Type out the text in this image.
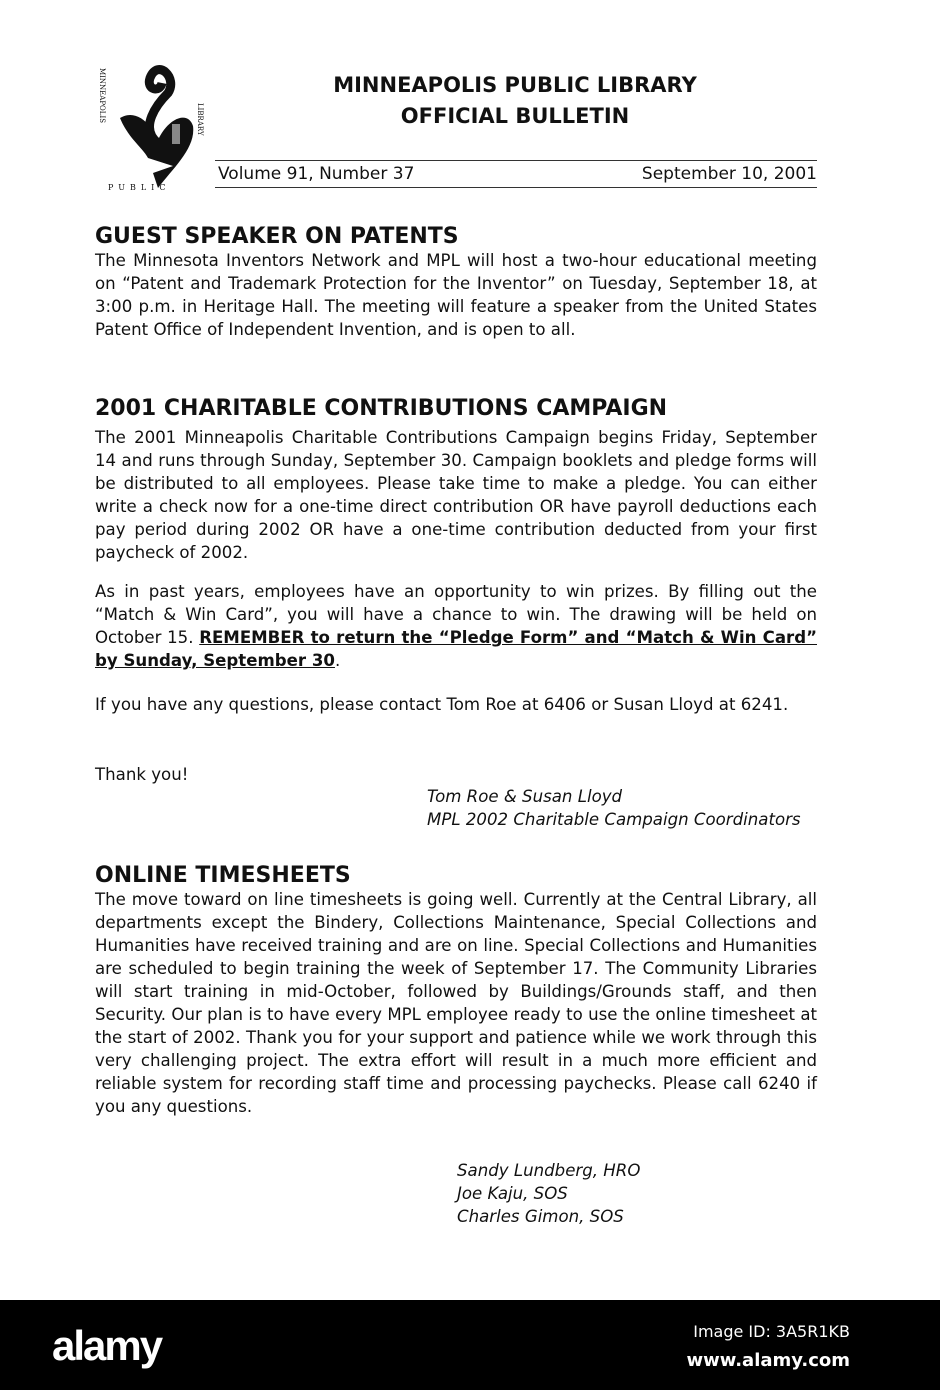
MINNEAPOLIS
PUBLIC
LIBRARY
MINNEAPOLIS PUBLIC LIBRARY
OFFICIAL BULLETIN
Volume 91, Number 37	September 10, 2001
GUEST SPEAKER ON PATENTS

The Minnesota Inventors Network and MPL will host a two-hour educational meeting on “Patent and Trademark Protection for the Inventor” on Tuesday, September 18, at 3:00 p.m. in Heritage Hall. The meeting will feature a speaker from the United States Patent Office of Independent Invention, and is open to all.

2001 CHARITABLE CONTRIBUTIONS CAMPAIGN

The 2001 Minneapolis Charitable Contributions Campaign begins Friday, September 14 and runs through Sunday, September 30. Campaign booklets and pledge forms will be distributed to all employees. Please take time to make a pledge. You can either write a check now for a one-time direct contribution OR have payroll deductions each pay period during 2002 OR have a one-time contribution deducted from your first paycheck of 2002.

As in past years, employees have an opportunity to win prizes. By filling out the “Match & Win Card”, you will have a chance to win. The drawing will be held on October 15. REMEMBER to return the “Pledge Form” and “Match & Win Card” by Sunday, September 30.

If you have any questions, please contact Tom Roe at 6406 or Susan Lloyd at 6241.

Thank you!

Tom Roe & Susan Lloyd
MPL 2002 Charitable Campaign Coordinators
ONLINE TIMESHEETS

The move toward on line timesheets is going well. Currently at the Central Library, all departments except the Bindery, Collections Maintenance, Special Collections and Humanities have received training and are on line. Special Collections and Humanities are scheduled to begin training the week of September 17. The Community Libraries will start training in mid-October, followed by Buildings/Grounds staff, and then Security. Our plan is to have every MPL employee ready to use the online timesheet at the start of 2002. Thank you for your support and patience while we work through this very challenging project. The extra effort will result in a much more efficient and reliable system for recording staff time and processing paychecks. Please call 6240 if you any questions.

Sandy Lundberg, HRO
Joe Kaju, SOS
Charles Gimon, SOS
alamy	Image ID: 3A5R1KB
www.alamy.com
